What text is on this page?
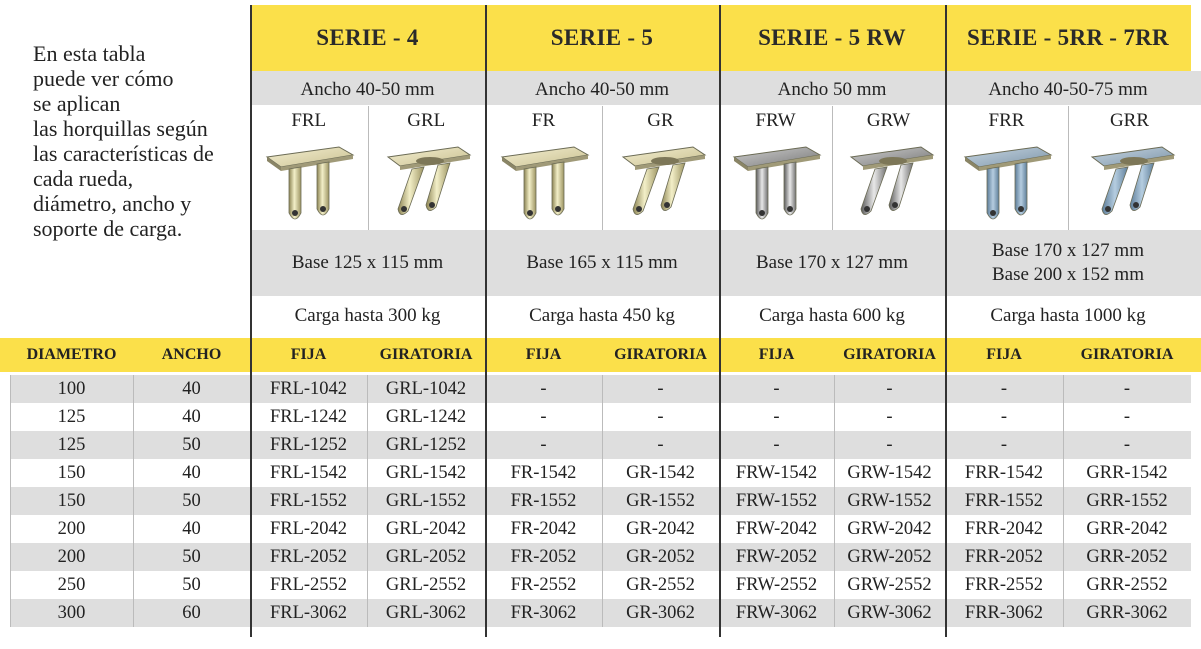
En esta tabla
puede ver cómo
se aplican
las horquillas según
las características de
cada rueda,
diámetro, ancho y
soporte de carga.
SERIE - 4
Ancho 40-50 mm
FRL	GRL
Base 125 x 115 mm
Carga hasta 300 kg
SERIE - 5
Ancho 40-50 mm
FR	GR
Base 165 x 115 mm
Carga hasta 450 kg
SERIE - 5 RW
Ancho 50 mm
FRW	GRW
Base 170 x 127 mm
Carga hasta 600 kg
SERIE - 5RR - 7RR
Ancho 40-50-75 mm
FRR	GRR
Base 170 x 127 mm
Base 200 x 152 mm
Carga hasta 1000 kg
DIAMETRO	ANCHO	FIJA	GIRATORIA	FIJA	GIRATORIA	FIJA	GIRATORIA	FIJA	GIRATORIA
100	40	FRL-1042	GRL-1042	-	-	-	-	-	-
125	40	FRL-1242	GRL-1242	-	-	-	-	-	-
125	50	FRL-1252	GRL-1252	-	-	-	-	-	-
150	40	FRL-1542	GRL-1542	FR-1542	GR-1542	FRW-1542	GRW-1542	FRR-1542	GRR-1542
150	50	FRL-1552	GRL-1552	FR-1552	GR-1552	FRW-1552	GRW-1552	FRR-1552	GRR-1552
200	40	FRL-2042	GRL-2042	FR-2042	GR-2042	FRW-2042	GRW-2042	FRR-2042	GRR-2042
200	50	FRL-2052	GRL-2052	FR-2052	GR-2052	FRW-2052	GRW-2052	FRR-2052	GRR-2052
250	50	FRL-2552	GRL-2552	FR-2552	GR-2552	FRW-2552	GRW-2552	FRR-2552	GRR-2552
300	60	FRL-3062	GRL-3062	FR-3062	GR-3062	FRW-3062	GRW-3062	FRR-3062	GRR-3062
